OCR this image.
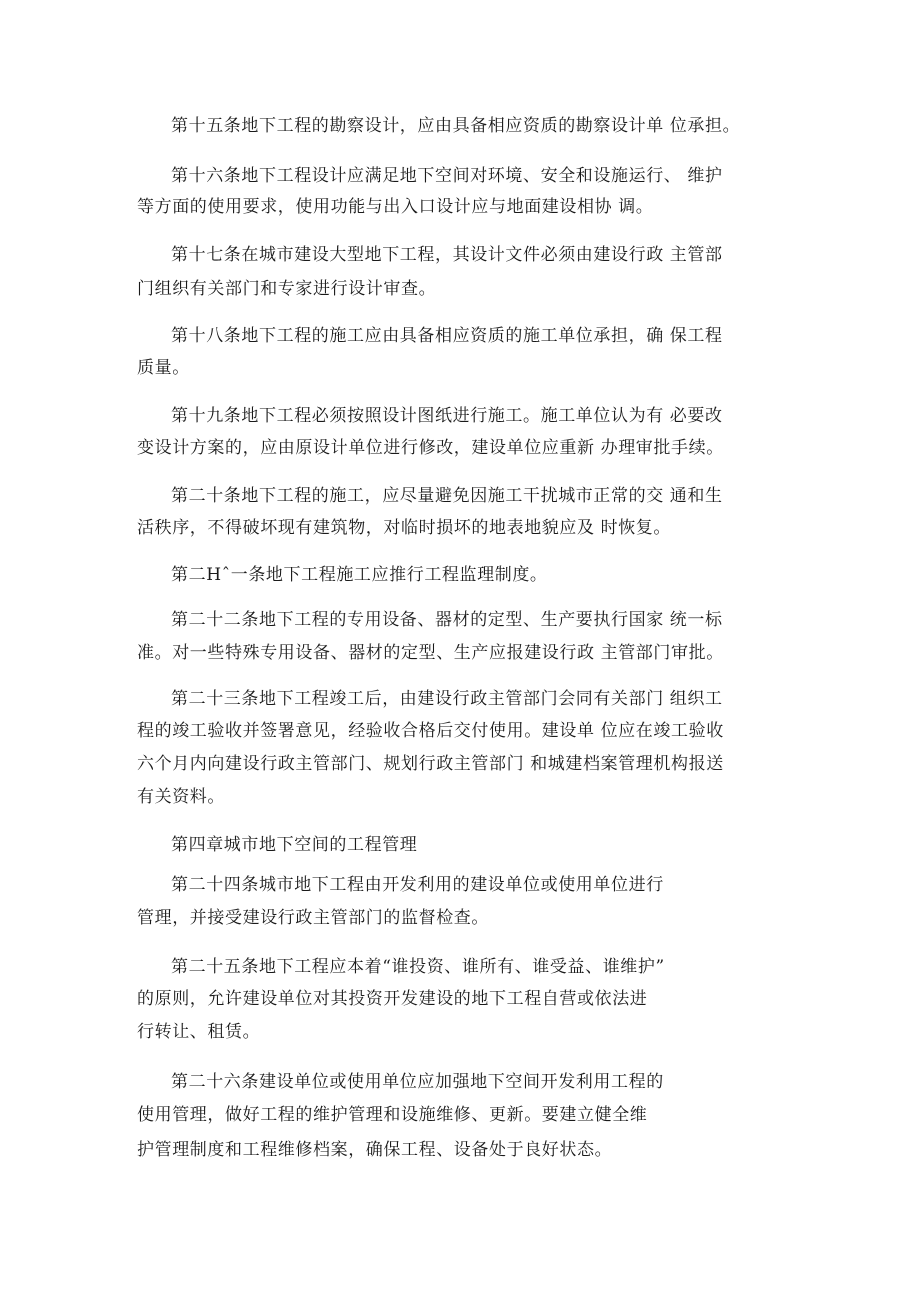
第十五条地下工程的勘察设计，应由具备相应资质的勘察设计单 位承担。
第十六条地下工程设计应满足地下空间对环境、安全和设施运行、 维护
等方面的使用要求，使用功能与出入口设计应与地面建设相协 调。
第十七条在城市建设大型地下工程，其设计文件必须由建设行政 主管部
门组织有关部门和专家进行设计审查。
第十八条地下工程的施工应由具备相应资质的施工单位承担，确 保工程
质量。
第十九条地下工程必须按照设计图纸进行施工。施工单位认为有 必要改
变设计方案的，应由原设计单位进行修改，建设单位应重新 办理审批手续。
第二十条地下工程的施工，应尽量避免因施工干扰城市正常的交 通和生
活秩序，不得破坏现有建筑物，对临时损坏的地表地貌应及 时恢复。
第二Hˆ一条地下工程施工应推行工程监理制度。
第二十二条地下工程的专用设备、器材的定型、生产要执行国家 统一标
准。对一些特殊专用设备、器材的定型、生产应报建设行政 主管部门审批。
第二十三条地下工程竣工后，由建设行政主管部门会同有关部门 组织工
程的竣工验收并签署意见，经验收合格后交付使用。建设单 位应在竣工验收
六个月内向建设行政主管部门、规划行政主管部门 和城建档案管理机构报送
有关资料。
第四章城市地下空间的工程管理
第二十四条城市地下工程由开发利用的建设单位或使用单位进行
管理，并接受建设行政主管部门的监督检查。
第二十五条地下工程应本着“谁投资、谁所有、谁受益、谁维护”
的原则，允许建设单位对其投资开发建设的地下工程自营或依法进
行转让、租赁。
第二十六条建设单位或使用单位应加强地下空间开发利用工程的
使用管理，做好工程的维护管理和设施维修、更新。要建立健全维
护管理制度和工程维修档案，确保工程、设备处于良好状态。
